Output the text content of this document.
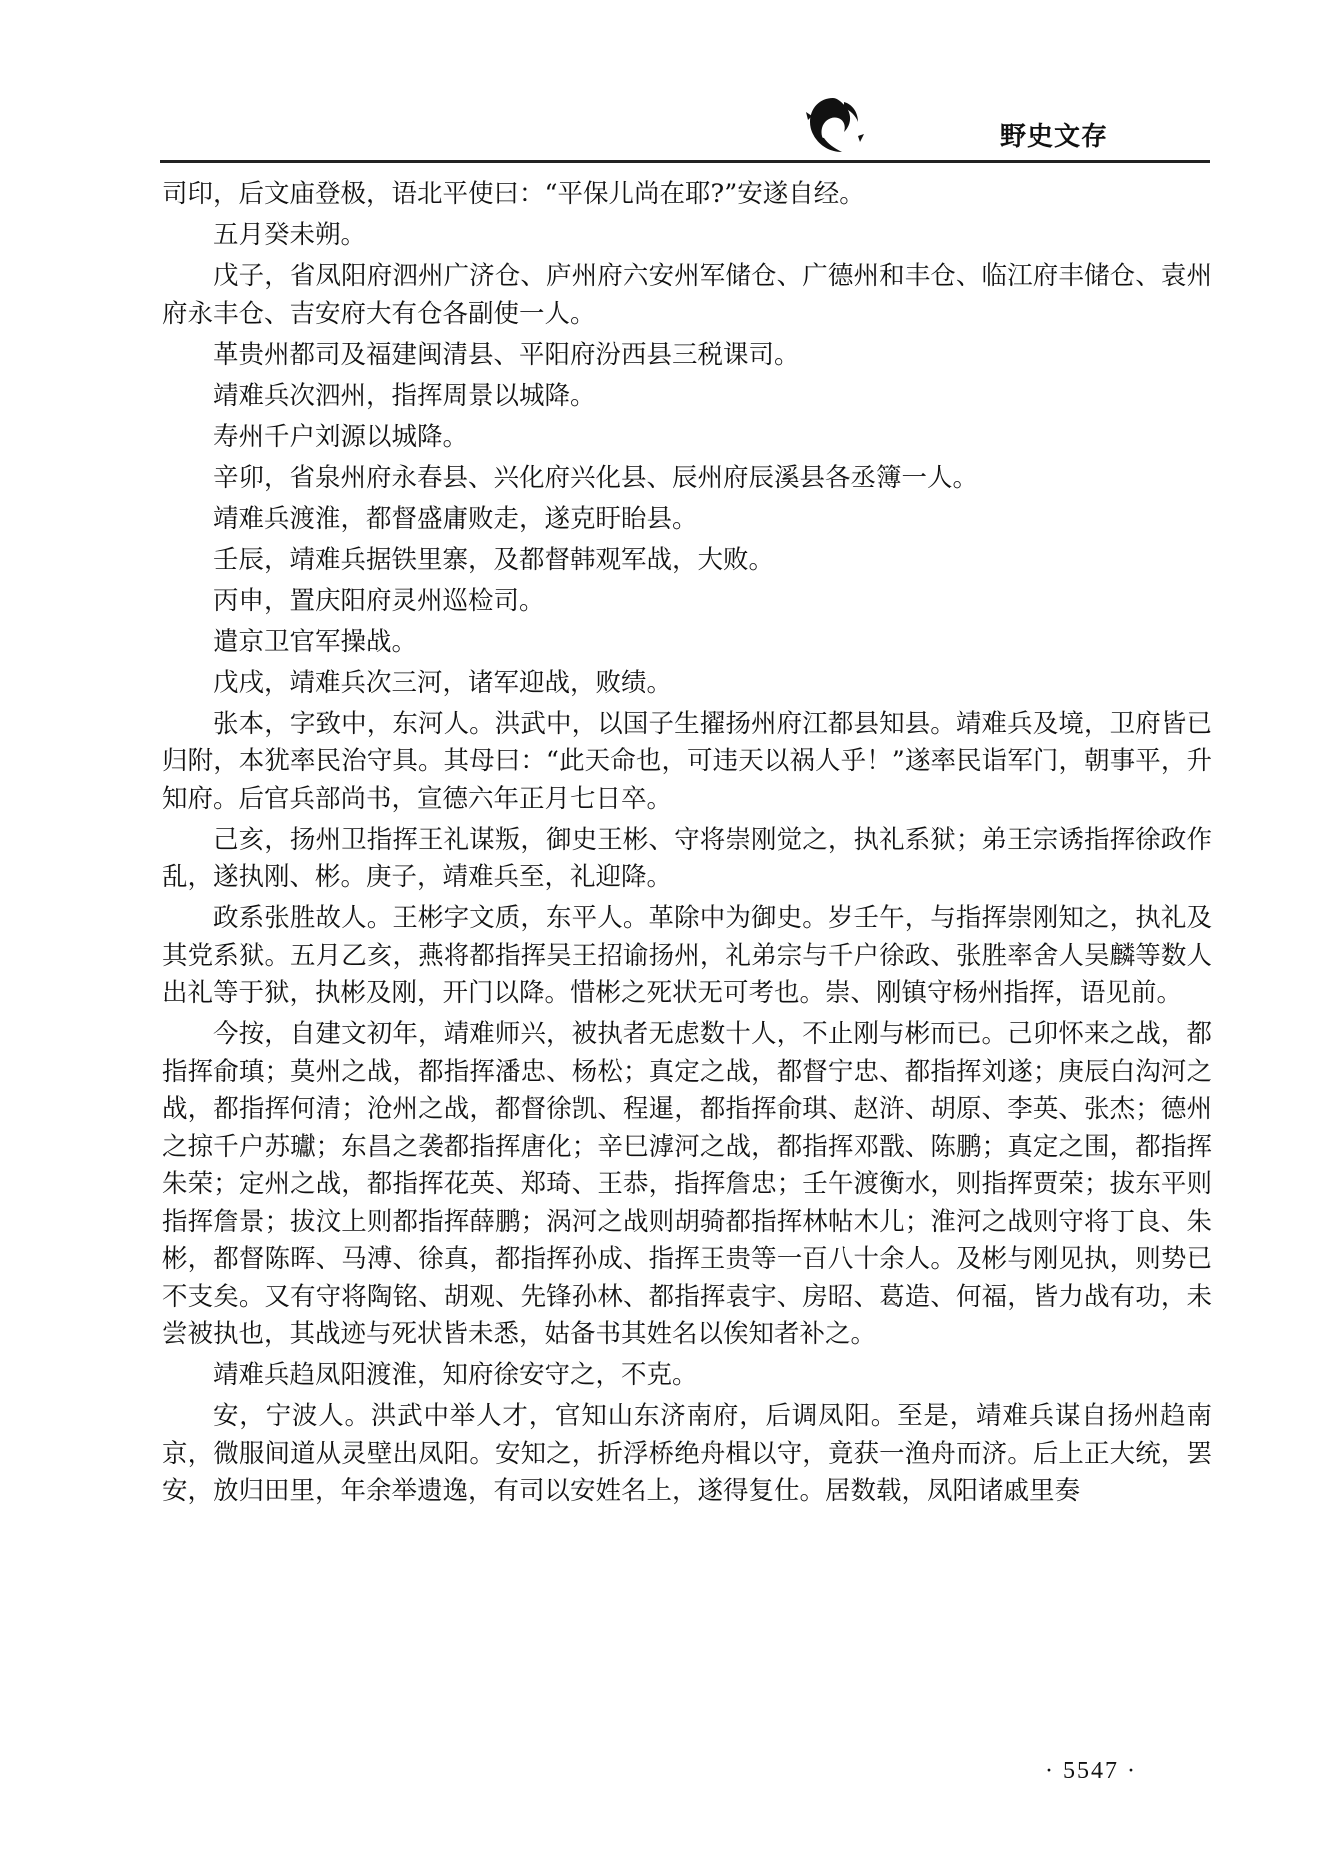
野史文存

司印，后文庙登极，语北平使曰：“平保儿尚在耶?”安遂自经。

五月癸未朔。

戊子，省凤阳府泗州广济仓、庐州府六安州军储仓、广德州和丰仓、临江府丰储仓、袁州府永丰仓、吉安府大有仓各副使一人。

革贵州都司及福建闽清县、平阳府汾西县三税课司。

靖难兵次泗州，指挥周景以城降。

寿州千户刘源以城降。

辛卯，省泉州府永春县、兴化府兴化县、辰州府辰溪县各丞簿一人。

靖难兵渡淮，都督盛庸败走，遂克盱眙县。

壬辰，靖难兵据铁里寨，及都督韩观军战，大败。

丙申，置庆阳府灵州巡检司。

遣京卫官军操战。

戊戌，靖难兵次三河，诸军迎战，败绩。

张本，字致中，东河人。洪武中，以国子生擢扬州府江都县知县。靖难兵及境，卫府皆已归附，本犹率民治守具。其母曰：“此天命也，可违天以祸人乎！”遂率民诣军门，朝事平，升知府。后官兵部尚书，宣德六年正月七日卒。

己亥，扬州卫指挥王礼谋叛，御史王彬、守将崇刚觉之，执礼系狱；弟王宗诱指挥徐政作乱，遂执刚、彬。庚子，靖难兵至，礼迎降。

政系张胜故人。王彬字文质，东平人。革除中为御史。岁壬午，与指挥崇刚知之，执礼及其党系狱。五月乙亥，燕将都指挥吴王招谕扬州，礼弟宗与千户徐政、张胜率舍人吴麟等数人出礼等于狱，执彬及刚，开门以降。惜彬之死状无可考也。崇、刚镇守杨州指挥，语见前。

今按，自建文初年，靖难师兴，被执者无虑数十人，不止刚与彬而已。己卯怀来之战，都指挥俞瑱；莫州之战，都指挥潘忠、杨松；真定之战，都督宁忠、都指挥刘遂；庚辰白沟河之战，都指挥何清；沧州之战，都督徐凯、程暹，都指挥俞琪、赵浒、胡原、李英、张杰；德州之掠千户苏瓛；东昌之袭都指挥唐化；辛巳滹河之战，都指挥邓戬、陈鹏；真定之围，都指挥朱荣；定州之战，都指挥花英、郑琦、王恭，指挥詹忠；壬午渡衡水，则指挥贾荣；拔东平则指挥詹景；拔汶上则都指挥薛鹏；涡河之战则胡骑都指挥林帖木儿；淮河之战则守将丁良、朱彬，都督陈晖、马溥、徐真，都指挥孙成、指挥王贵等一百八十余人。及彬与刚见执，则势已不支矣。又有守将陶铭、胡观、先锋孙林、都指挥袁宇、房昭、葛造、何福，皆力战有功，未尝被执也，其战迹与死状皆未悉，姑备书其姓名以俟知者补之。

靖难兵趋凤阳渡淮，知府徐安守之，不克。

安，宁波人。洪武中举人才，官知山东济南府，后调凤阳。至是，靖难兵谋自扬州趋南京，微服间道从灵壁出凤阳。安知之，折浮桥绝舟楫以守，竟获一渔舟而济。后上正大统，罢安，放归田里，年余举遗逸，有司以安姓名上，遂得复仕。居数载，凤阳诸戚里奏

· 5547 ·
